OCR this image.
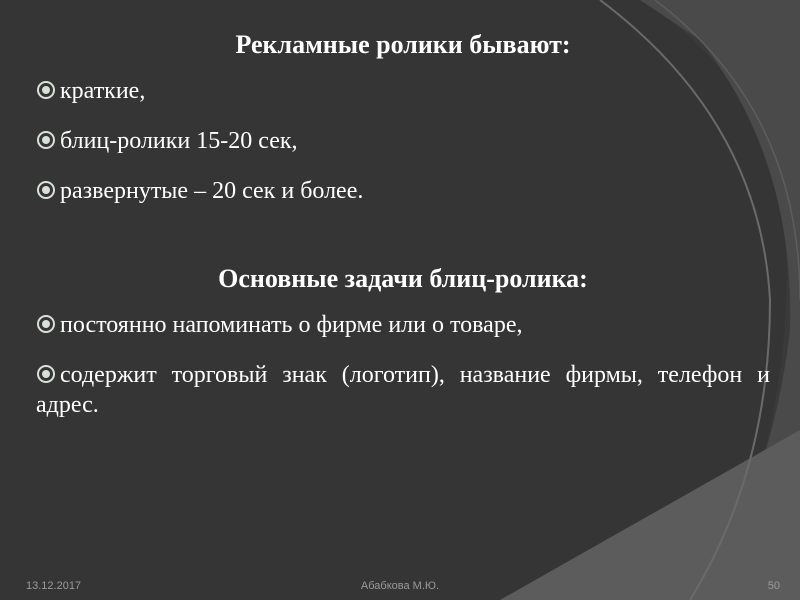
Рекламные ролики бывают:

краткие,

блиц-ролики 15-20 сек,

развернутые – 20 сек и более.

Основные задачи блиц-ролика:

постоянно напоминать о фирме или о товаре,

содержит торговый знак (логотип), название фирмы, телефон и адрес.

13.12.2017	Абабкова М.Ю.	50
